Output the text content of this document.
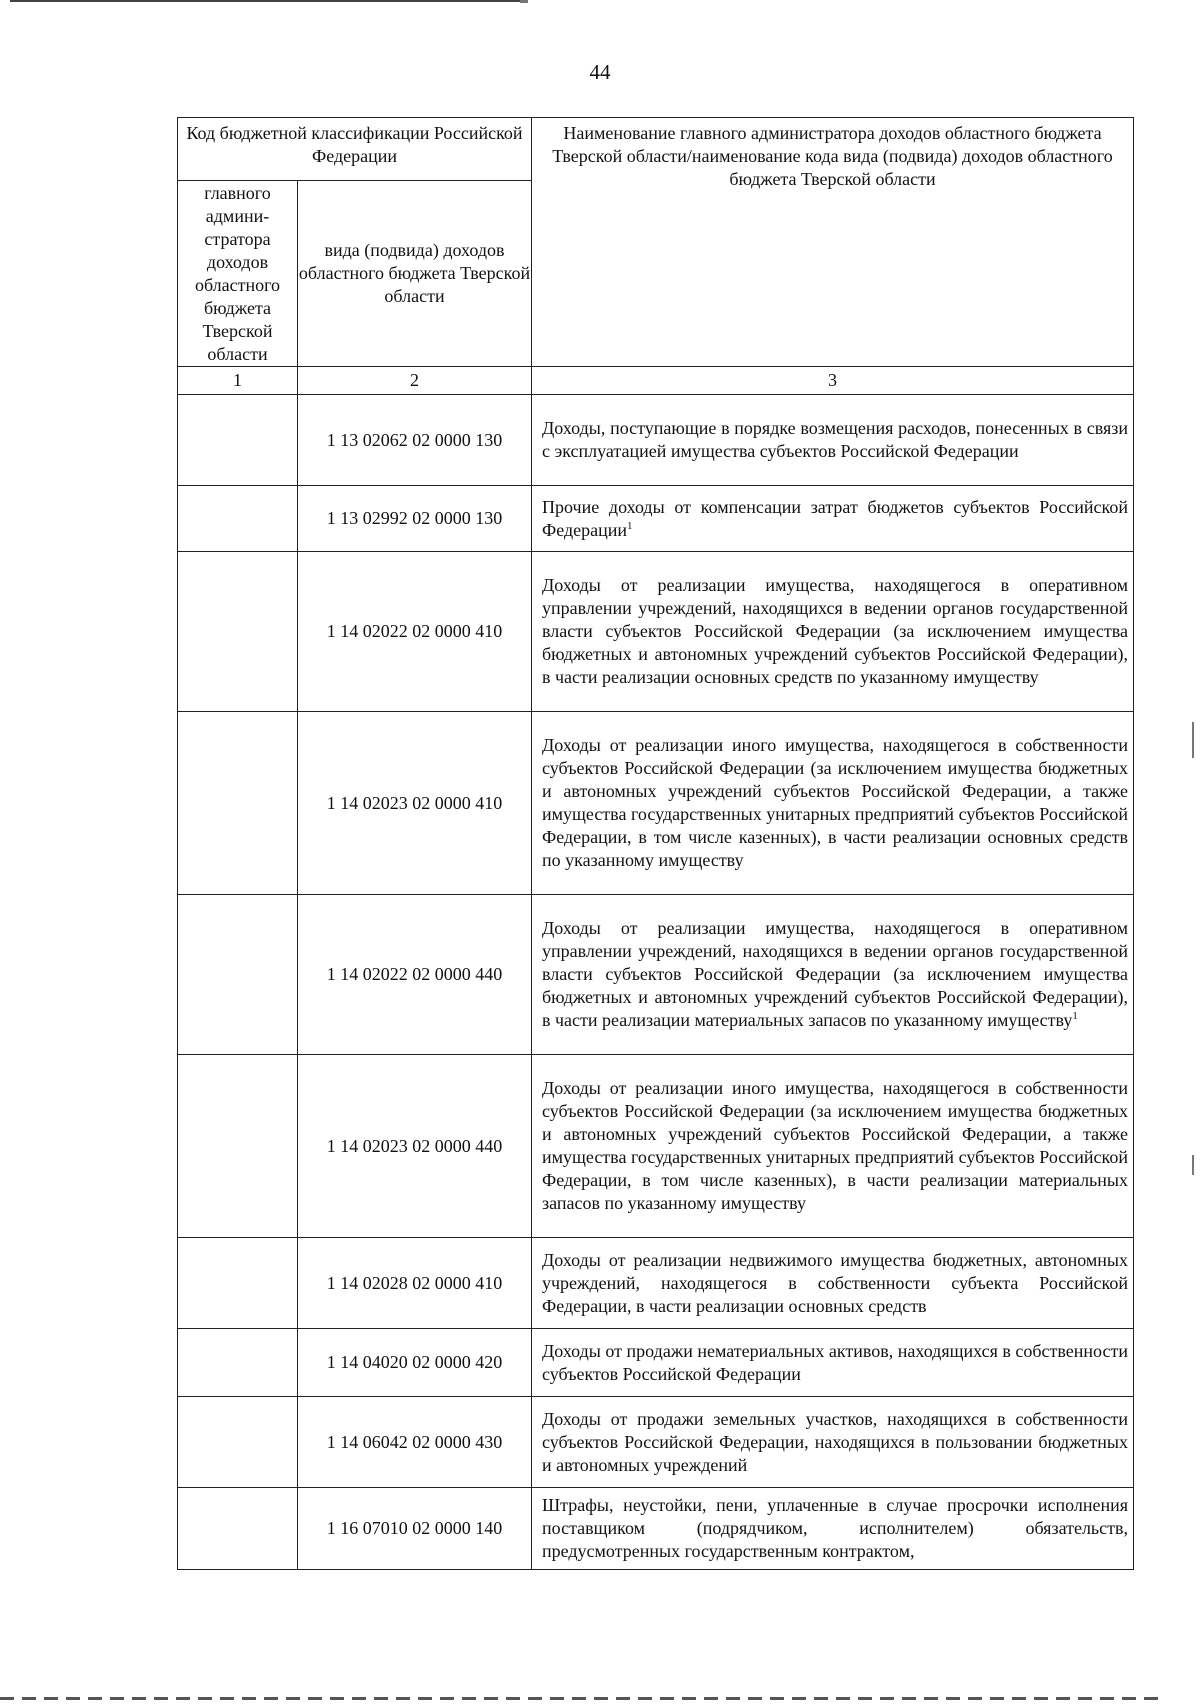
44
Код бюджетной классификации Российской Федерации		Наименование главного администратора доходов областного бюджета Тверской области/наименование кода вида (подвида) доходов областного бюджета Тверской области
главного админи-стратора доходов областного бюджета Тверской области	вида (подвида) доходов областного бюджета Тверской области	
1	2	3
	1 13 02062 02 0000 130	Доходы, поступающие в порядке возмещения расходов, понесенных в связи с эксплуатацией имущества субъектов Российской Федерации
	1 13 02992 02 0000 130	Прочие доходы от компенсации затрат бюджетов субъектов Российской Федерации$^1$
	1 14 02022 02 0000 410	Доходы от реализации имущества, находящегося в оперативном управлении учреждений, находящихся в ведении органов государственной власти субъектов Российской Федерации (за исключением имущества бюджетных и автономных учреждений субъектов Российской Федерации), в части реализации основных средств по указанному имуществу
	1 14 02023 02 0000 410	Доходы от реализации иного имущества, находящегося в собственности субъектов Российской Федерации (за исключением имущества бюджетных и автономных учреждений субъектов Российской Федерации, а также имущества государственных унитарных предприятий субъектов Российской Федерации, в том числе казенных), в части реализации основных средств по указанному имуществу
	1 14 02022 02 0000 440	Доходы от реализации имущества, находящегося в оперативном управлении учреждений, находящихся в ведении органов государственной власти субъектов Российской Федерации (за исключением имущества бюджетных и автономных учреждений субъектов Российской Федерации), в части реализации материальных запасов по указанному имуществу$^1$
	1 14 02023 02 0000 440	Доходы от реализации иного имущества, находящегося в собственности субъектов Российской Федерации (за исключением имущества бюджетных и автономных учреждений субъектов Российской Федерации, а также имущества государственных унитарных предприятий субъектов Российской Федерации, в том числе казенных), в части реализации материальных запасов по указанному имуществу
	1 14 02028 02 0000 410	Доходы от реализации недвижимого имущества бюджетных, автономных учреждений, находящегося в собственности субъекта Российской Федерации, в части реализации основных средств
	1 14 04020 02 0000 420	Доходы от продажи нематериальных активов, находящихся в собственности субъектов Российской Федерации
	1 14 06042 02 0000 430	Доходы от продажи земельных участков, находящихся в собственности субъектов Российской Федерации, находящихся в пользовании бюджетных и автономных учреждений
	1 16 07010 02 0000 140	Штрафы, неустойки, пени, уплаченные в случае просрочки исполнения поставщиком (подрядчиком, исполнителем) обязательств, предусмотренных государственным контрактом,
